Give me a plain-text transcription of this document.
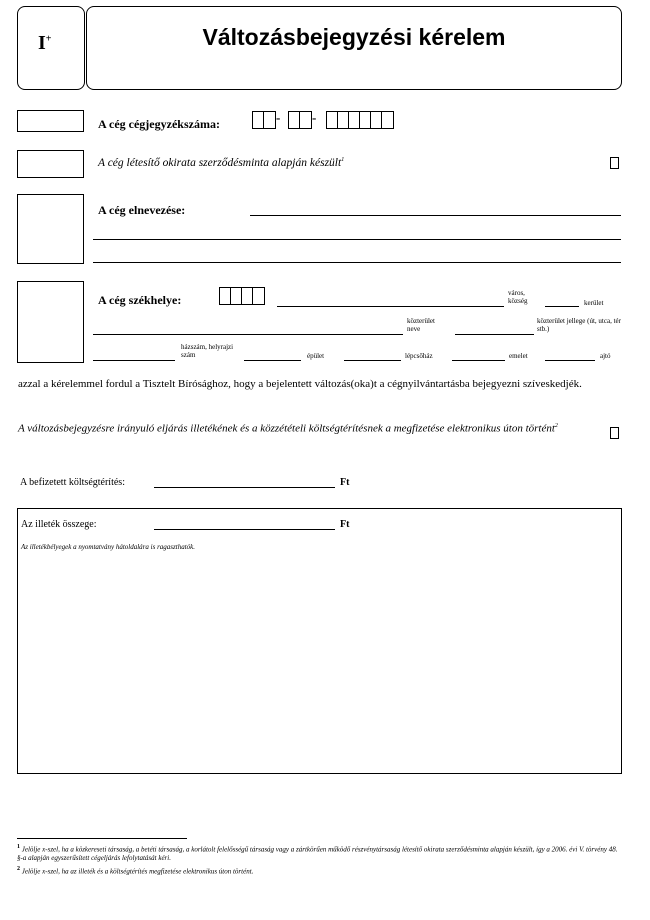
I+	Változásbejegyzési kérelem
A cég cégjegyzékszáma:	- -
A cég létesítő okirata szerződésminta alapján készült$^1$
A cég elnevezése:
A cég székhelye:	város, község	kerület
közterület neve
közterület jellege (út, utca, tér stb.)
házszám, helyrajzi szám	épület	lépcsőház	emelet	ajtó
azzal a kérelemmel fordul a Tisztelt Bírósághoz, hogy a bejelentett változás(oka)t a cégnyilvántartásba bejegyezni szíveskedjék.
A változásbejegyzésre irányuló eljárás illetékének és a közzétételi költségtérítésnek a megfizetése elektronikus úton történt$^2$
A befizetett költségtérítés:	Ft
Az illeték összege:	Ft
Az illetékbélyegek a nyomtatvány hátoldalára is ragaszthatók.
$^1$ Jelölje x-szel, ha a közkereseti társaság, a betéti társaság, a korlátolt felelősségű társaság vagy a zártkörűen működő részvénytársaság létesítő okirata szerződésminta alapján készült, így a 2006. évi V. törvény 48. §-a alapján egyszerűsített cégeljárás lefolytatását kéri.
$^2$ Jelölje x-szel, ha az illeték és a költségtérítés megfizetése elektronikus úton történt.
